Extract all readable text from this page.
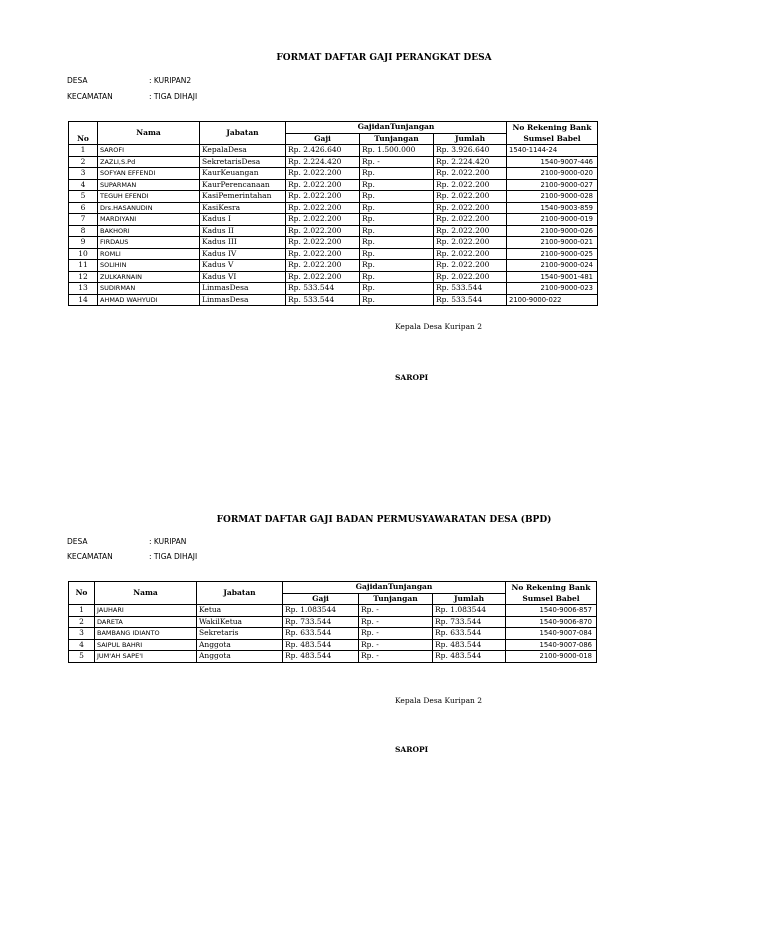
FORMAT DAFTAR GAJI PERANGKAT DESA
DESA	: KURIPAN2
KECAMATAN	: TIGA DIHAJI
No	Nama	Jabatan	GajidanTunjangan			No Rekening Bank
			Gaji	Tunjangan	Jumlah	Sumsel Babel
1	SAROFI	KepalaDesa	Rp. 2.426.640	Rp. 1.500.000	Rp. 3.926.640	1540-1144-24
2	ZAZLI,S.Pd	SekretarisDesa	Rp. 2.224.420	Rp. -	Rp. 2.224.420	1540-9007-446
3	SOFYAN EFFENDI	KaurKeuangan	Rp. 2.022.200	Rp.	Rp. 2.022.200	2100-9000-020
4	SUPARMAN	KaurPerencanaan	Rp. 2.022.200	Rp.	Rp. 2.022.200	2100-9000-027
5	TEGUH EFENDI	KasiPemerintahan	Rp. 2.022.200	Rp.	Rp. 2.022.200	2100-9000-028
6	Drs.HASANUDIN	KasiKesra	Rp. 2.022.200	Rp.	Rp. 2.022.200	1540-9003-859
7	MARDIYANI	Kadus I	Rp. 2.022.200	Rp.	Rp. 2.022.200	2100-9000-019
8	BAKHORI	Kadus II	Rp. 2.022.200	Rp.	Rp. 2.022.200	2100-9000-026
9	FIRDAUS	Kadus III	Rp. 2.022.200	Rp.	Rp. 2.022.200	2100-9000-021
10	ROMLI	Kadus IV	Rp. 2.022.200	Rp.	Rp. 2.022.200	2100-9000-025
11	SOLIHIN	Kadus V	Rp. 2.022.200	Rp.	Rp. 2.022.200	2100-9000-024
12	ZULKARNAIN	Kadus VI	Rp. 2.022.200	Rp.	Rp. 2.022.200	1540-9001-481
13	SUDIRMAN	LinmasDesa	Rp. 533.544	Rp.	Rp. 533.544	2100-9000-023
14	AHMAD WAHYUDI	LinmasDesa	Rp. 533.544	Rp.	Rp. 533.544	2100-9000-022
Kepala Desa Kuripan 2
SAROPI
FORMAT DAFTAR GAJI BADAN PERMUSYAWARATAN DESA (BPD)
DESA	: KURIPAN
KECAMATAN	: TIGA DIHAJI
No	Nama	Jabatan	GajidanTunjangan			No Rekening Bank
			Gaji	Tunjangan	Jumlah	Sumsel Babel
1	JAUHARI	Ketua	Rp. 1.083544	Rp. -	Rp. 1.083544	1540-9006-857
2	DARETA	WakilKetua	Rp. 733.544	Rp. -	Rp. 733.544	1540-9006-870
3	BAMBANG IDIANTO	Sekretaris	Rp. 633.544	Rp. -	Rp. 633.544	1540-9007-084
4	SAIPUL BAHRI	Anggota	Rp. 483.544	Rp. -	Rp. 483.544	1540-9007-086
5	JUM'AH SAPE'I	Anggota	Rp. 483.544	Rp. -	Rp. 483.544	2100-9000-018
Kepala Desa Kuripan 2
SAROPI
